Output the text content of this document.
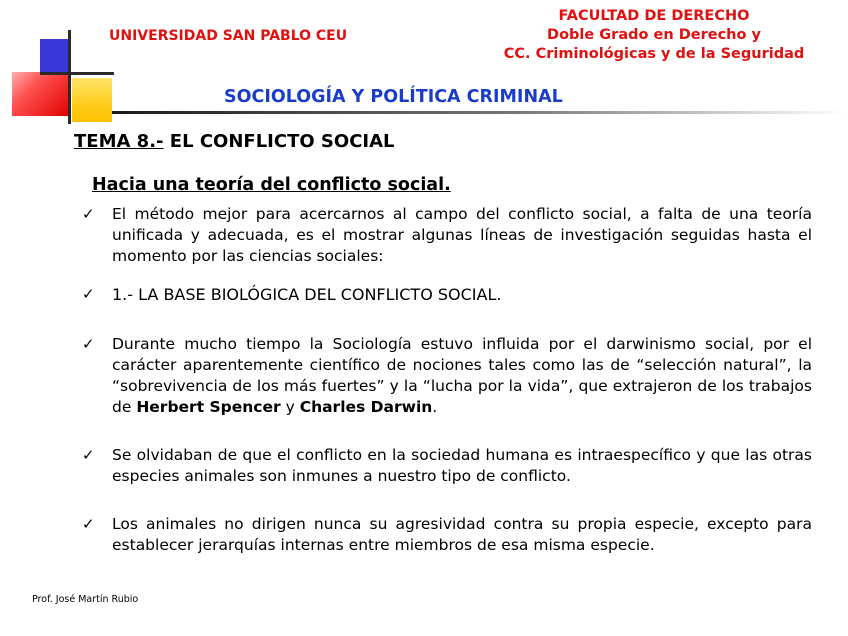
UNIVERSIDAD SAN PABLO CEU
FACULTAD DE DERECHO
Doble Grado en Derecho y
CC. Criminológicas y de la Seguridad
SOCIOLOGÍA Y POLÍTICA CRIMINAL
TEMA 8.- EL CONFLICTO SOCIAL
Hacia una teoría del conflicto social.
✓	El método mejor para acercarnos al campo del conflicto social, a falta de una teoría unificada y adecuada, es el mostrar algunas líneas de investigación seguidas hasta el momento por las ciencias sociales:
✓	1.- LA BASE BIOLÓGICA DEL CONFLICTO SOCIAL.
✓	Durante mucho tiempo la Sociología estuvo influida por el darwinismo social, por el carácter aparentemente científico de nociones tales como las de “selección natural”, la “sobrevivencia de los más fuertes” y la “lucha por la vida”, que extrajeron de los trabajos de Herbert Spencer y Charles Darwin.
✓	Se olvidaban de que el conflicto en la sociedad humana es intraespecífico y que las otras especies animales son inmunes a nuestro tipo de conflicto.
✓	Los animales no dirigen nunca su agresividad contra su propia especie, excepto para establecer jerarquías internas entre miembros de esa misma especie.
Prof. José Martín Rubio
